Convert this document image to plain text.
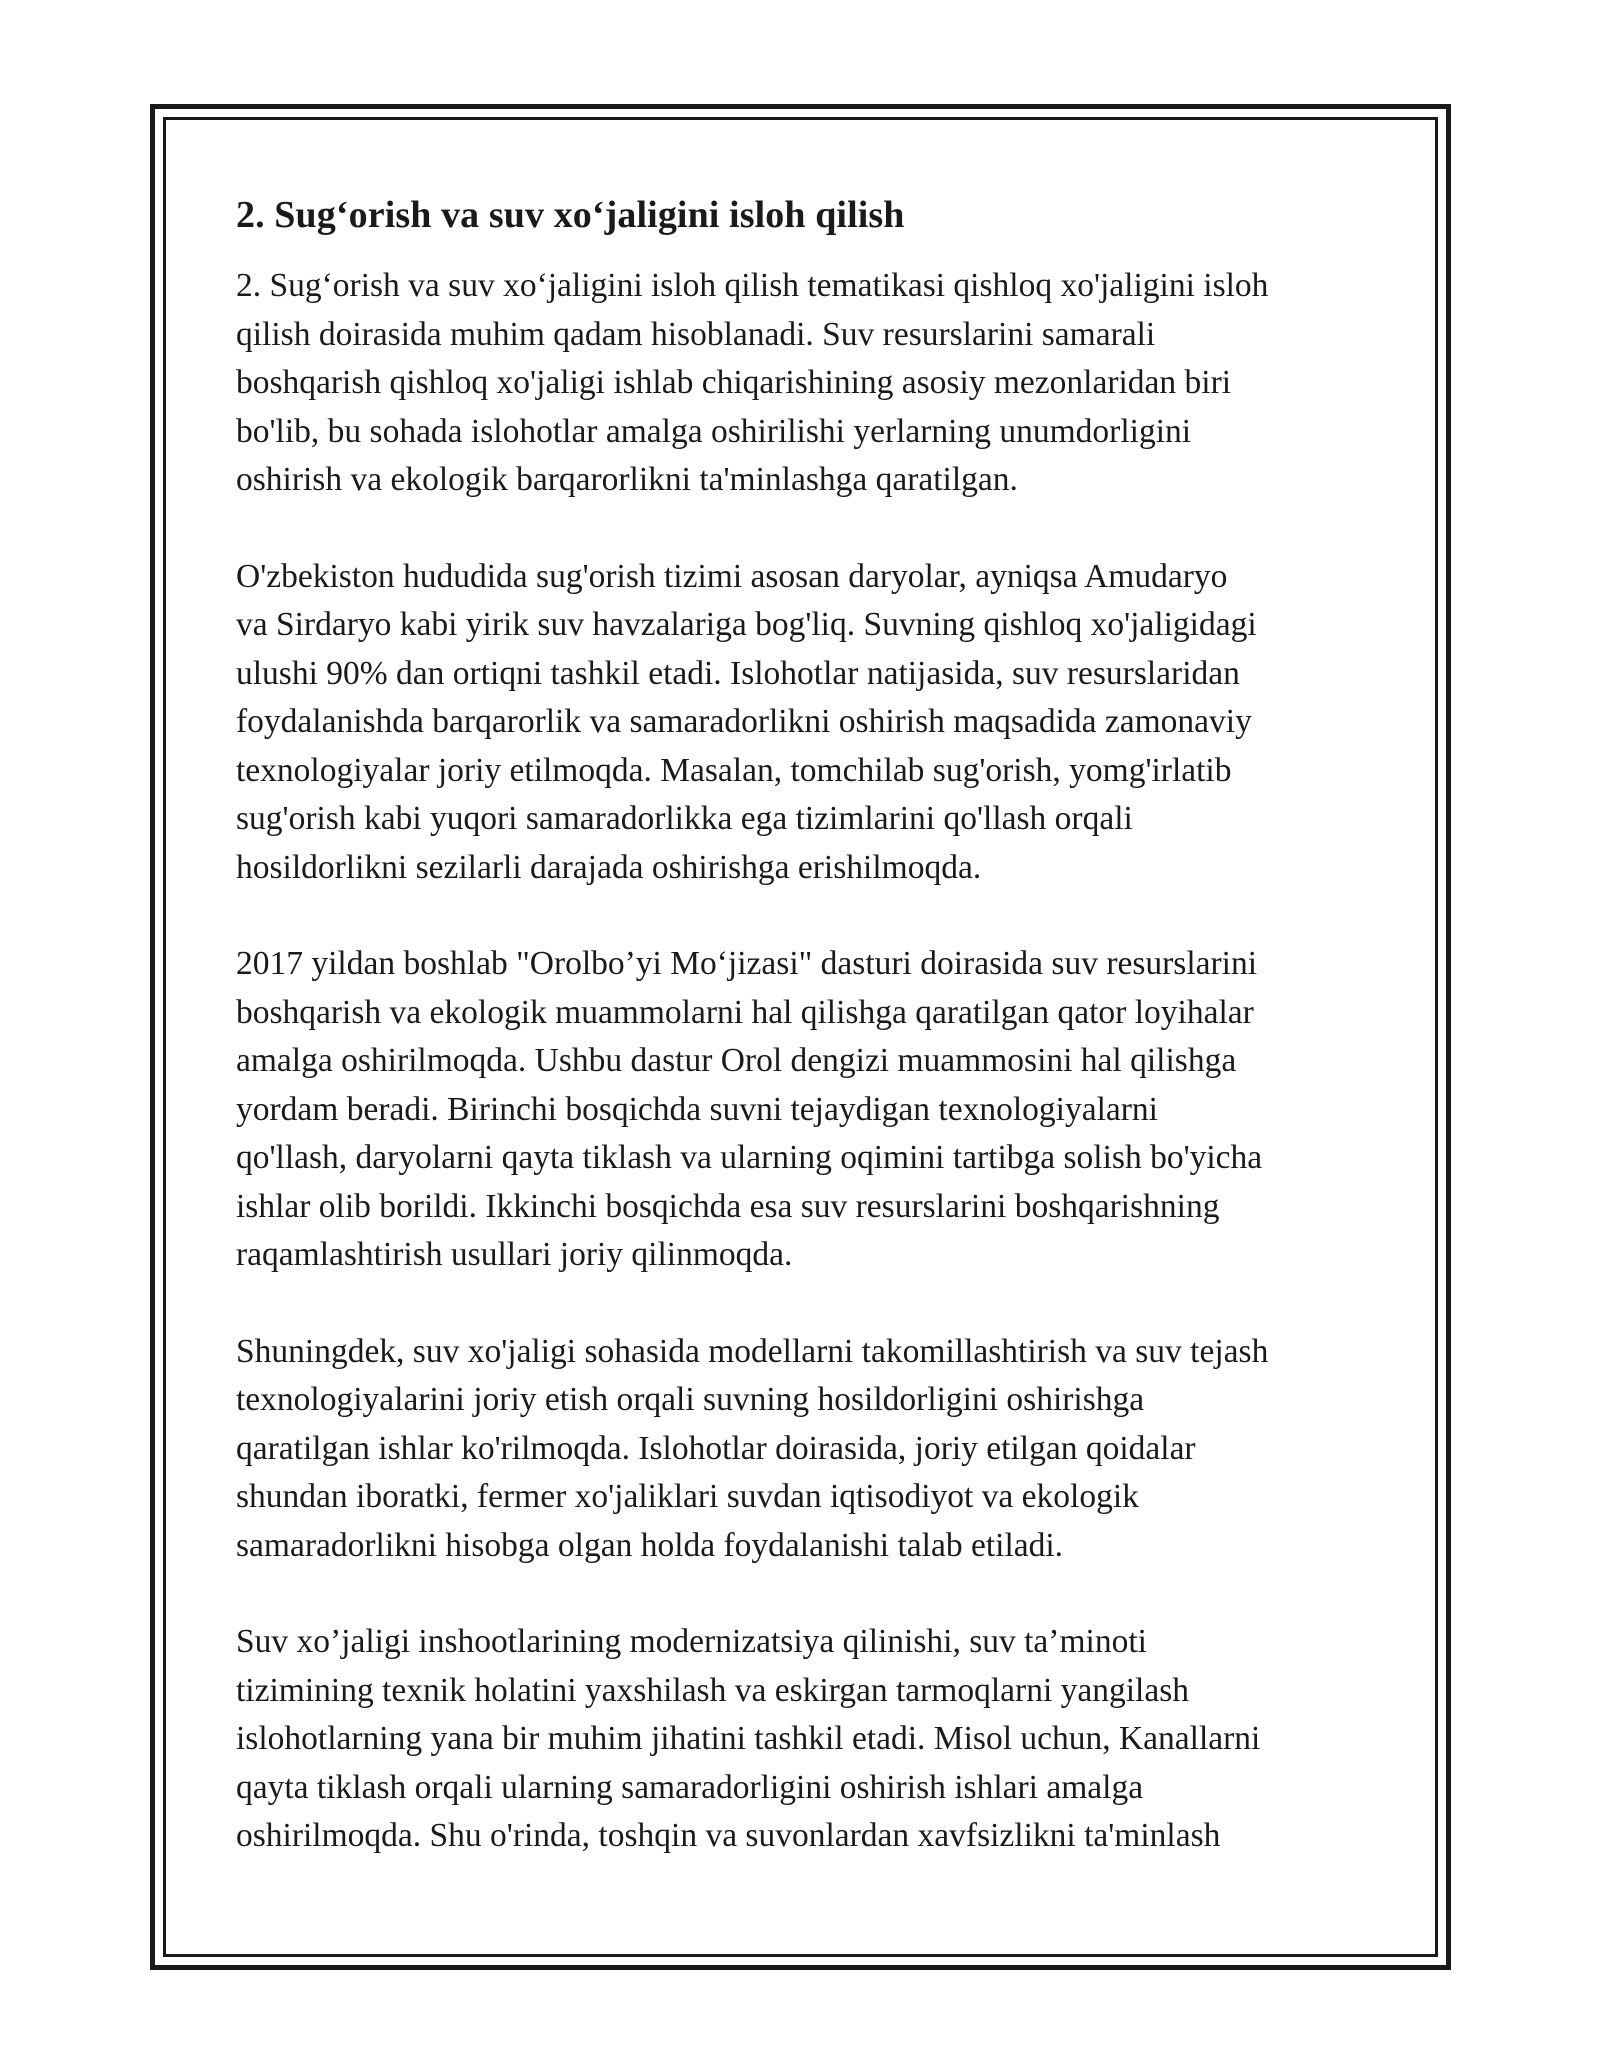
2. Sug‘orish va suv xo‘jaligini isloh qilish

2. Sug‘orish va suv xo‘jaligini isloh qilish tematikasi qishloq xo'jaligini isloh
qilish doirasida muhim qadam hisoblanadi. Suv resurslarini samarali
boshqarish qishloq xo'jaligi ishlab chiqarishining asosiy mezonlaridan biri
bo'lib, bu sohada islohotlar amalga oshirilishi yerlarning unumdorligini
oshirish va ekologik barqarorlikni ta'minlashga qaratilgan.

O'zbekiston hududida sug'orish tizimi asosan daryolar, ayniqsa Amudaryo
va Sirdaryo kabi yirik suv havzalariga bog'liq. Suvning qishloq xo'jaligidagi
ulushi 90% dan ortiqni tashkil etadi. Islohotlar natijasida, suv resurslaridan
foydalanishda barqarorlik va samaradorlikni oshirish maqsadida zamonaviy
texnologiyalar joriy etilmoqda. Masalan, tomchilab sug'orish, yomg'irlatib
sug'orish kabi yuqori samaradorlikka ega tizimlarini qo'llash orqali
hosildorlikni sezilarli darajada oshirishga erishilmoqda.

2017 yildan boshlab "Orolbo’yi Mo‘jizasi" dasturi doirasida suv resurslarini
boshqarish va ekologik muammolarni hal qilishga qaratilgan qator loyihalar
amalga oshirilmoqda. Ushbu dastur Orol dengizi muammosini hal qilishga
yordam beradi. Birinchi bosqichda suvni tejaydigan texnologiyalarni
qo'llash, daryolarni qayta tiklash va ularning oqimini tartibga solish bo'yicha
ishlar olib borildi. Ikkinchi bosqichda esa suv resurslarini boshqarishning
raqamlashtirish usullari joriy qilinmoqda.

Shuningdek, suv xo'jaligi sohasida modellarni takomillashtirish va suv tejash
texnologiyalarini joriy etish orqali suvning hosildorligini oshirishga
qaratilgan ishlar ko'rilmoqda. Islohotlar doirasida, joriy etilgan qoidalar
shundan iboratki, fermer xo'jaliklari suvdan iqtisodiyot va ekologik
samaradorlikni hisobga olgan holda foydalanishi talab etiladi.

Suv xo’jaligi inshootlarining modernizatsiya qilinishi, suv ta’minoti
tizimining texnik holatini yaxshilash va eskirgan tarmoqlarni yangilash
islohotlarning yana bir muhim jihatini tashkil etadi. Misol uchun, Kanallarni
qayta tiklash orqali ularning samaradorligini oshirish ishlari amalga
oshirilmoqda. Shu o'rinda, toshqin va suvonlardan xavfsizlikni ta'minlash
